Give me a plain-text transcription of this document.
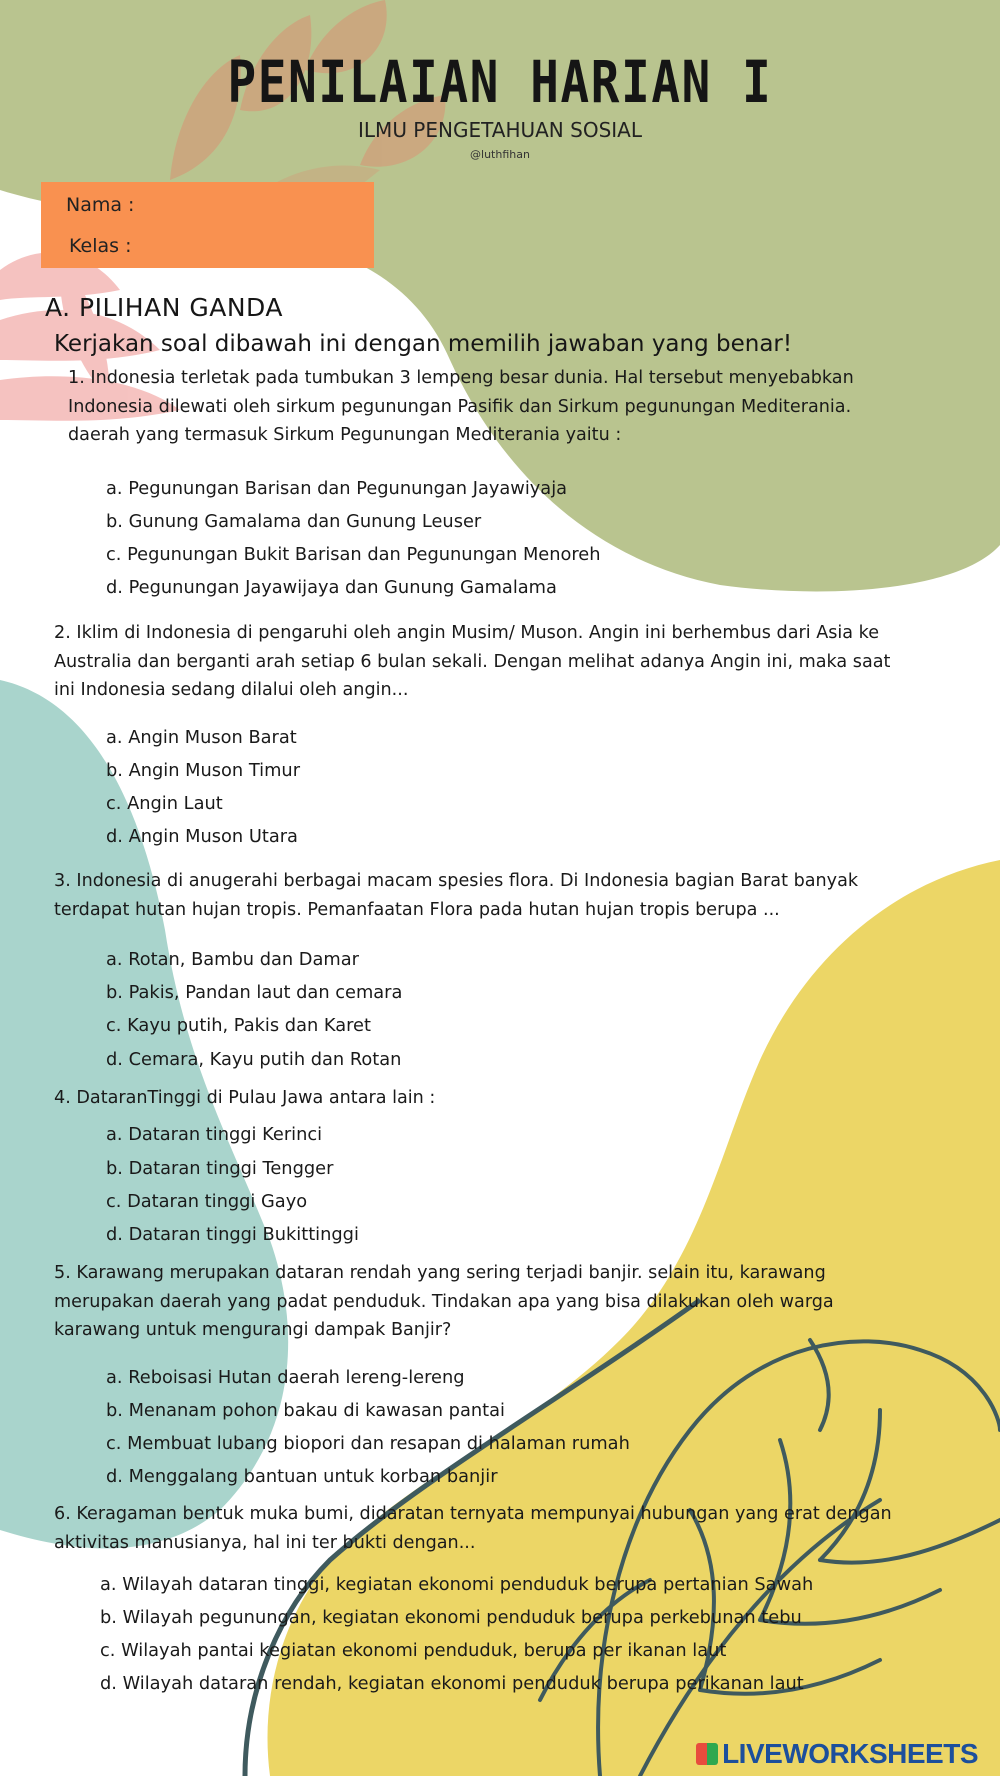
PENILAIAN HARIAN I
ILMU PENGETAHUAN SOSIAL
@luthfihan
Nama :
Kelas :
A. PILIHAN GANDA
Kerjakan soal dibawah ini dengan memilih jawaban yang benar!
1. Indonesia terletak pada tumbukan 3 lempeng besar dunia. Hal tersebut menyebabkan Indonesia dilewati oleh sirkum pegunungan Pasifik dan Sirkum pegunungan Mediterania. daerah yang termasuk Sirkum Pegunungan Mediterania yaitu :
a. Pegunungan Barisan dan Pegunungan Jayawiyaja
b. Gunung Gamalama dan Gunung Leuser
c. Pegunungan Bukit Barisan dan Pegunungan Menoreh
d. Pegunungan Jayawijaya dan Gunung Gamalama
2. Iklim di Indonesia di pengaruhi oleh angin Musim/ Muson. Angin ini berhembus dari Asia ke Australia dan berganti arah setiap 6 bulan sekali. Dengan melihat adanya Angin ini, maka saat ini Indonesia sedang dilalui oleh angin...
a. Angin Muson Barat
b. Angin Muson Timur
c. Angin Laut
d. Angin Muson Utara
3. Indonesia di anugerahi berbagai macam spesies flora. Di Indonesia bagian Barat banyak terdapat hutan hujan tropis. Pemanfaatan Flora pada hutan hujan tropis berupa ...
a. Rotan, Bambu dan Damar
b. Pakis, Pandan laut dan cemara
c. Kayu putih, Pakis dan Karet
d. Cemara, Kayu putih dan Rotan
4. DataranTinggi di Pulau Jawa antara lain :
a. Dataran tinggi Kerinci
b. Dataran tinggi Tengger
c. Dataran tinggi Gayo
d. Dataran tinggi Bukittinggi
5. Karawang merupakan dataran rendah yang sering terjadi banjir. selain itu, karawang merupakan daerah yang padat penduduk. Tindakan apa yang bisa dilakukan oleh warga karawang untuk mengurangi dampak Banjir?
a. Reboisasi Hutan daerah lereng-lereng
b. Menanam pohon bakau di kawasan pantai
c. Membuat lubang biopori dan resapan di halaman rumah
d. Menggalang bantuan untuk korban banjir
6. Keragaman bentuk muka bumi, didaratan ternyata mempunyai hubungan yang erat dengan aktivitas manusianya, hal ini ter bukti dengan...
a. Wilayah dataran tinggi, kegiatan ekonomi penduduk berupa pertanian Sawah
b. Wilayah pegunungan, kegiatan ekonomi penduduk berupa perkebunan tebu
c. Wilayah pantai kegiatan ekonomi penduduk, berupa per ikanan laut
d. Wilayah dataran rendah, kegiatan ekonomi penduduk berupa perikanan laut
LIVEWORKSHEETS
